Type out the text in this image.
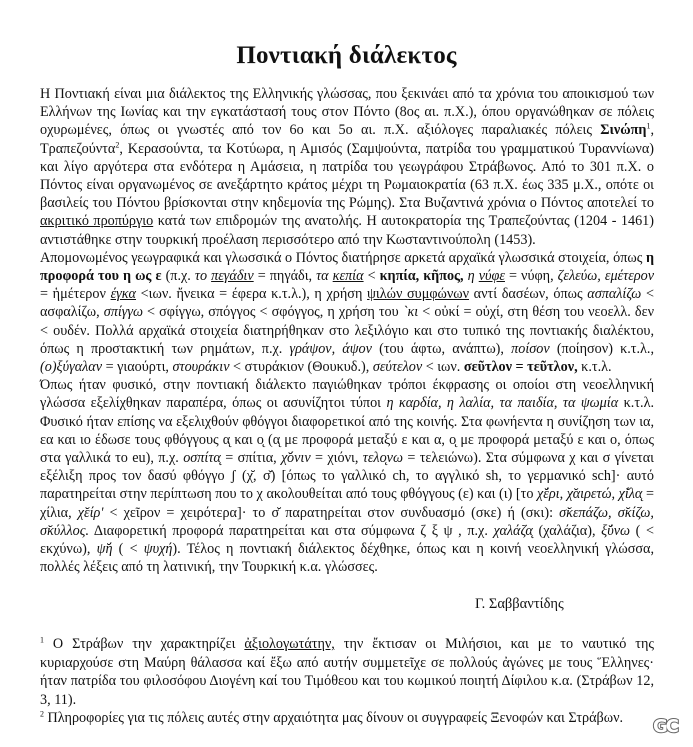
Ποντιακή διάλεκτος

Η Ποντιακή είναι μια διάλεκτος της Ελληνικής γλώσσας, που ξεκινάει από τα χρόνια του αποικισμού των Ελλήνων της Ιωνίας και την εγκατάστασή τους στον Πόντο (8ος αι. π.Χ.), όπου οργανώθηκαν σε πόλεις οχυρωμένες, όπως οι γνωστές από τον 6ο και 5ο αι. π.Χ. αξιόλογες παραλιακές πόλεις Σινώπη$^1$, Τραπεζούντα$^2$, Κερασούντα, τα Κοτύωρα, η Αμισός (Σαμψούντα, πατρίδα του γραμματικού Τυραννίωνα) και λίγο αργότερα στα ενδότερα η Αμάσεια, η πατρίδα του γεωγράφου Στράβωνος. Από το 301 π.Χ. ο Πόντος είναι οργανωμένος σε ανεξάρτητο κράτος μέχρι τη Ρωμαιοκρατία (63 π.Χ. έως 335 μ.Χ., οπότε οι βασιλείς του Πόντου βρίσκονται στην κηδεμονία της Ρώμης). Στα Βυζαντινά χρόνια ο Πόντος αποτελεί το ακριτικό προπύργιο κατά των επιδρομών της ανατολής. Η αυτοκρατορία της Τραπεζούντας (1204 - 1461) αντιστάθηκε στην τουρκική προέλαση περισσότερο από την Κωσταντινούπολη (1453).

Απομονωμένος γεωγραφικά και γλωσσικά ο Πόντος διατήρησε αρκετά αρχαϊκά γλωσσικά στοιχεία, όπως η προφορά του η ως ε (π.χ. το πεγάδιν = πηγάδι, τα κεπία < κηπία, κῆπος, η νύφε = νύφη, ζελεύω, εμέτερον = ἡμέτερον έγκα <ιων. ἤνεικα = έφερα κ.τ.λ.), η χρήση ψιλών συμφώνων αντί δασέων, όπως ασπαλίζω < ασφαλίζω, σπίγγω < σφίγγω, σπόγγος < σφόγγος, η χρήση του `κι < οὐκί = οὐχί, στη θέση του νεοελλ. δεν < ουδέν. Πολλά αρχαϊκά στοιχεία διατηρήθηκαν στο λεξιλόγιο και στο τυπικό της ποντιακής διαλέκτου, όπως η προστακτική των ρημάτων, π.χ. γράψον, άψον (του άφτω, ανάπτω), ποίσον (ποίησον) κ.τ.λ., (ο)ξύγαλαν = γιαούρτι, στουράκιν < στυράκιον (Θουκυδ.), σεύτελον < ιων. σεῦτλον = τεῦτλον, κ.τ.λ.

Όπως ήταν φυσικό, στην ποντιακή διάλεκτο παγιώθηκαν τρόποι έκφρασης οι οποίοι στη νεοελληνική γλώσσα εξελίχθηκαν παραπέρα, όπως οι ασυνίζητοι τύποι η καρδία, η λαλία, τα παιδία, τα ψωμία κ.τ.λ. Φυσικό ήταν επίσης να εξελιχθούν φθόγγοι διαφορετικοί από της κοινής. Στα φωνήεντα η συνίζηση των ια, εα και ιο έδωσε τους φθόγγους α̨ και ο̨ (α̨ με προφορά μεταξύ ε και α, ο̨ με προφορά μεταξύ ε και ο, όπως στα γαλλικά το eu), π.χ. οσπίτα̨ = σπίτια, χ̆όνιν = χιόνι, τελο̨νω = τελειώνω). Στα σύμφωνα χ και σ γίνεται εξέλιξη προς τον δασύ φθόγγο ʃ (χ̆, σ̆) [όπως το γαλλικό ch, το αγγλικό sh, το γερμανικό sch]· αυτό παρατηρείται στην περίπτωση που το χ ακολουθείται από τους φθόγγους (ε) και (ι) [το χ̆έρι, χ̆αιρετώ, χ̆ίλα̨ = χίλια, χ̆είρ' < χεῖρον = χειρότερα]· το σ̆ παρατηρείται στον συνδυασμό (σκε) ή (σκι): σ̆κεπάζω, σ̆κίζω, σ̆κύλλος. Διαφορετική προφορά παρατηρείται και στα σύμφωνα ζ ξ ψ , π.χ. χαλάζα̨ (χαλάζια), ξ̆ύνω ( < εκχύνω), ψ̆ή ( < ψυχή). Τέλος η ποντιακή διάλεκτος δέχθηκε, όπως και η κοινή νεοελληνική γλώσσα, πολλές λέξεις από τη λατινική, την Τουρκική κ.α. γλώσσες.

Γ. Σαββαντίδης

$^1$ Ο Στράβων την χαρακτηρίζει ἀξιολογωτάτην, την ἔκτισαν οι Μιλήσιοι, και με το ναυτικό της κυριαρχούσε στη Μαύρη θάλασσα καί ἔξω από αυτήν συμμετεῖχε σε πολλούς ἀγώνες με τους Ἕλληνες· ήταν πατρίδα του φιλοσόφου Διογένη καί του Τιμόθεου και του κωμικού ποιητή Δίφιλου κ.α. (Στράβων 12, 3, 11).

$^2$ Πληροφορίες για τις πόλεις αυτές στην αρχαιότητα μας δίνουν οι συγγραφείς Ξενοφών και Στράβων.	GC
